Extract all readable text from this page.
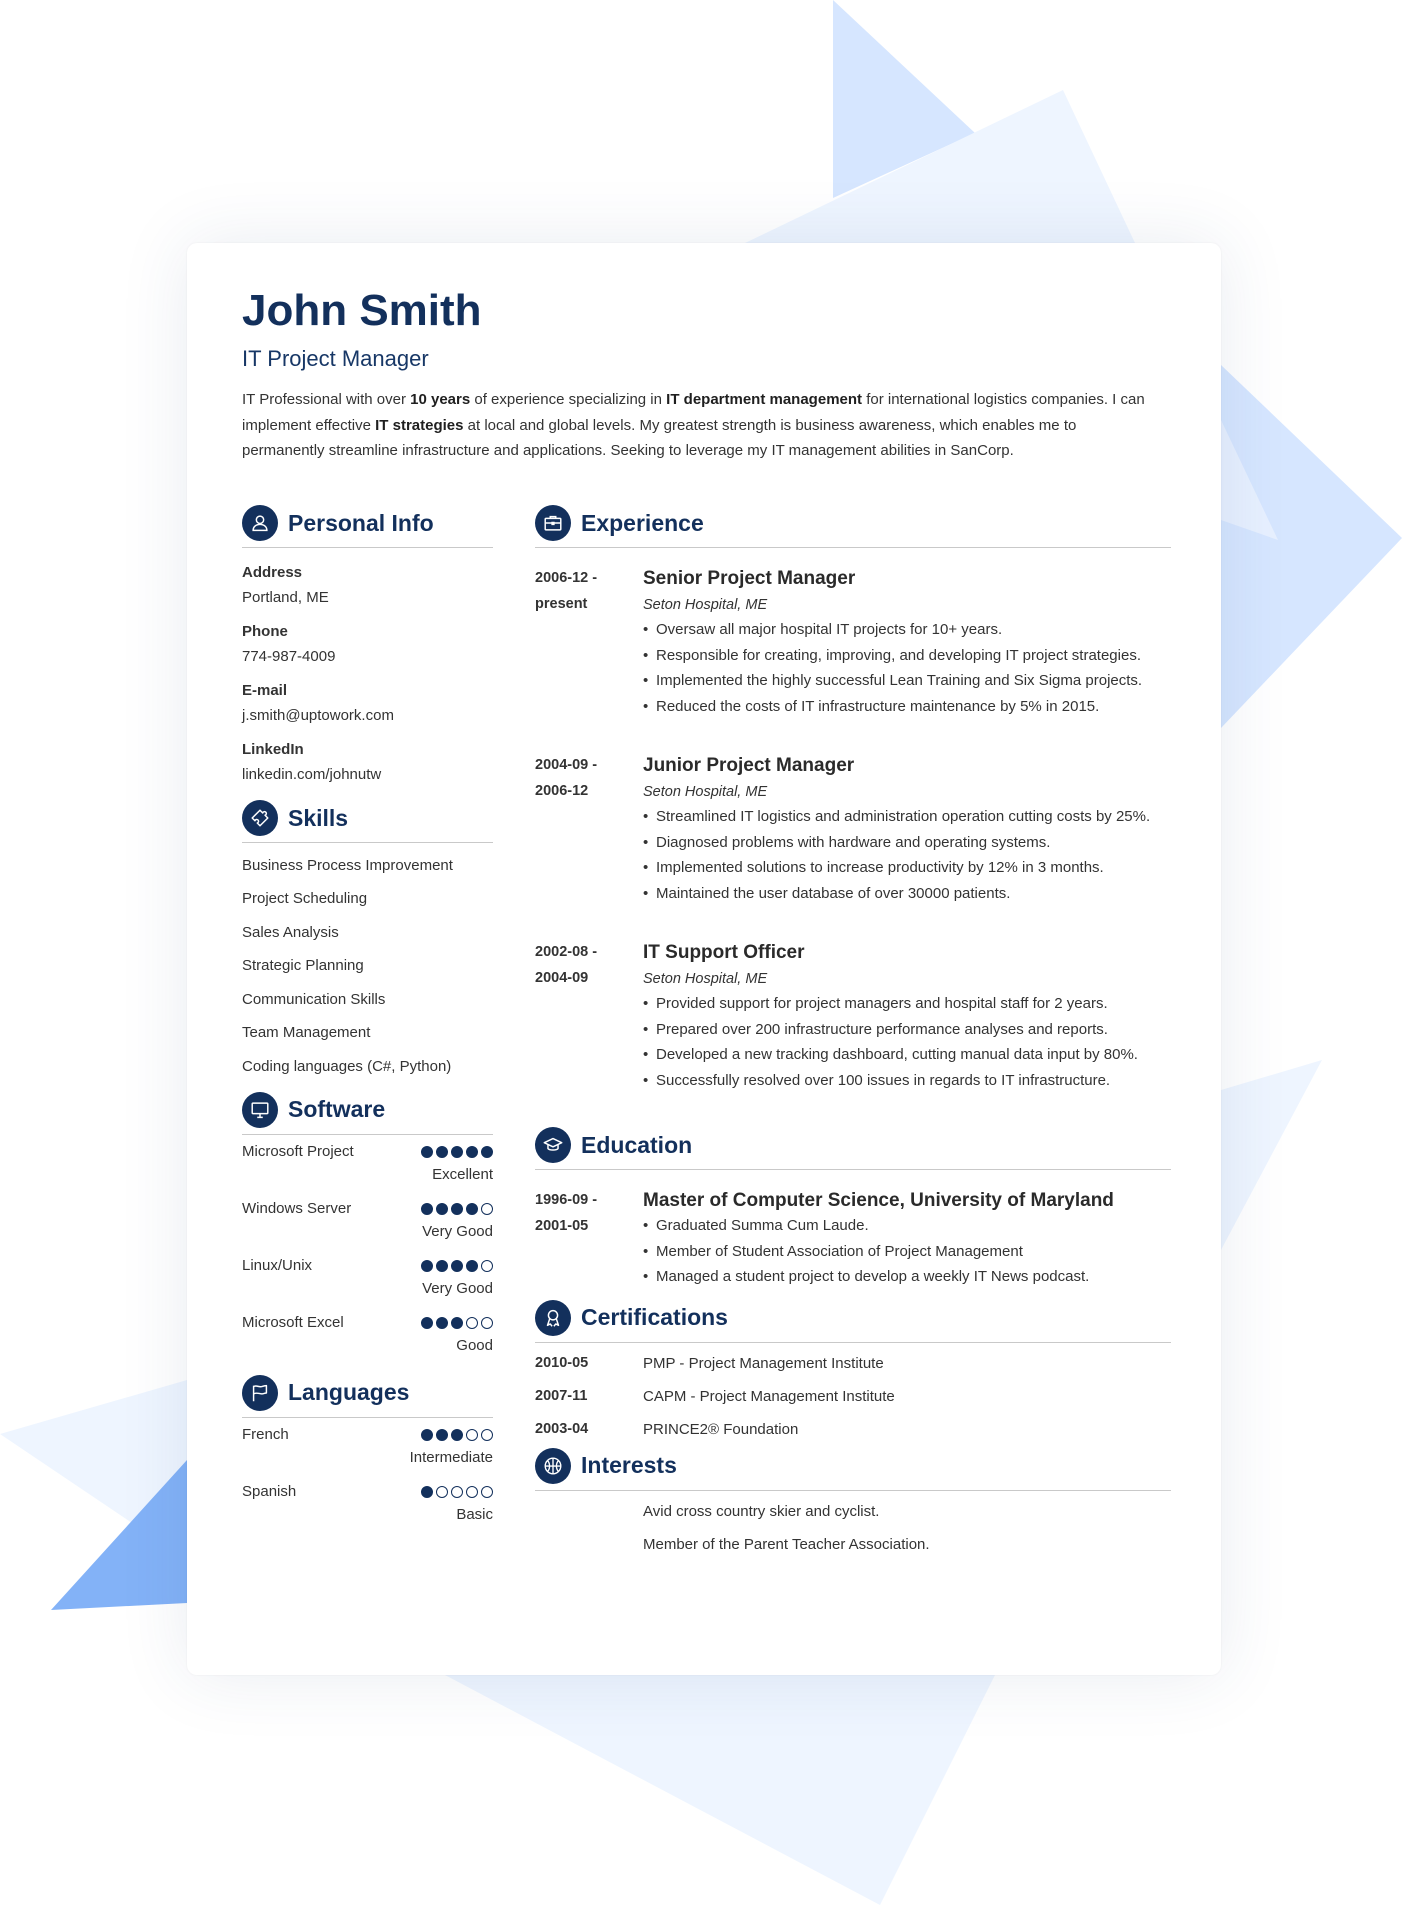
John Smith
IT Project Manager
IT Professional with over 10 years of experience specializing in IT department management for international logistics companies. I can implement effective IT strategies at local and global levels. My greatest strength is business awareness, which enables me to permanently streamline infrastructure and applications. Seeking to leverage my IT management abilities in SanCorp.
Personal Info
Address
Portland, ME
Phone
774-987-4009
E-mail
j.smith@uptowork.com
LinkedIn
linkedin.com/johnutw
Skills
Business Process Improvement
Project Scheduling
Sales Analysis
Strategic Planning
Communication Skills
Team Management
Coding languages (C#, Python)
Software
Microsoft Project
Excellent
Windows Server
Very Good
Linux/Unix
Very Good
Microsoft Excel
Good
Languages
French
Intermediate
Spanish
Basic
Experience
2006-12 - present
Senior Project Manager
Seton Hospital, ME
• Oversaw all major hospital IT projects for 10+ years.
• Responsible for creating, improving, and developing IT project strategies.
• Implemented the highly successful Lean Training and Six Sigma projects.
• Reduced the costs of IT infrastructure maintenance by 5% in 2015.
2004-09 - 2006-12
Junior Project Manager
Seton Hospital, ME
• Streamlined IT logistics and administration operation cutting costs by 25%.
• Diagnosed problems with hardware and operating systems.
• Implemented solutions to increase productivity by 12% in 3 months.
• Maintained the user database of over 30000 patients.
2002-08 - 2004-09
IT Support Officer
Seton Hospital, ME
• Provided support for project managers and hospital staff for 2 years.
• Prepared over 200 infrastructure performance analyses and reports.
• Developed a new tracking dashboard, cutting manual data input by 80%.
• Successfully resolved over 100 issues in regards to IT infrastructure.
Education
1996-09 - 2001-05
Master of Computer Science, University of Maryland
• Graduated Summa Cum Laude.
• Member of Student Association of Project Management
• Managed a student project to develop a weekly IT News podcast.
Certifications
2010-05	PMP - Project Management Institute
2007-11	CAPM - Project Management Institute
2003-04	PRINCE2® Foundation
Interests
Avid cross country skier and cyclist.
Member of the Parent Teacher Association.
